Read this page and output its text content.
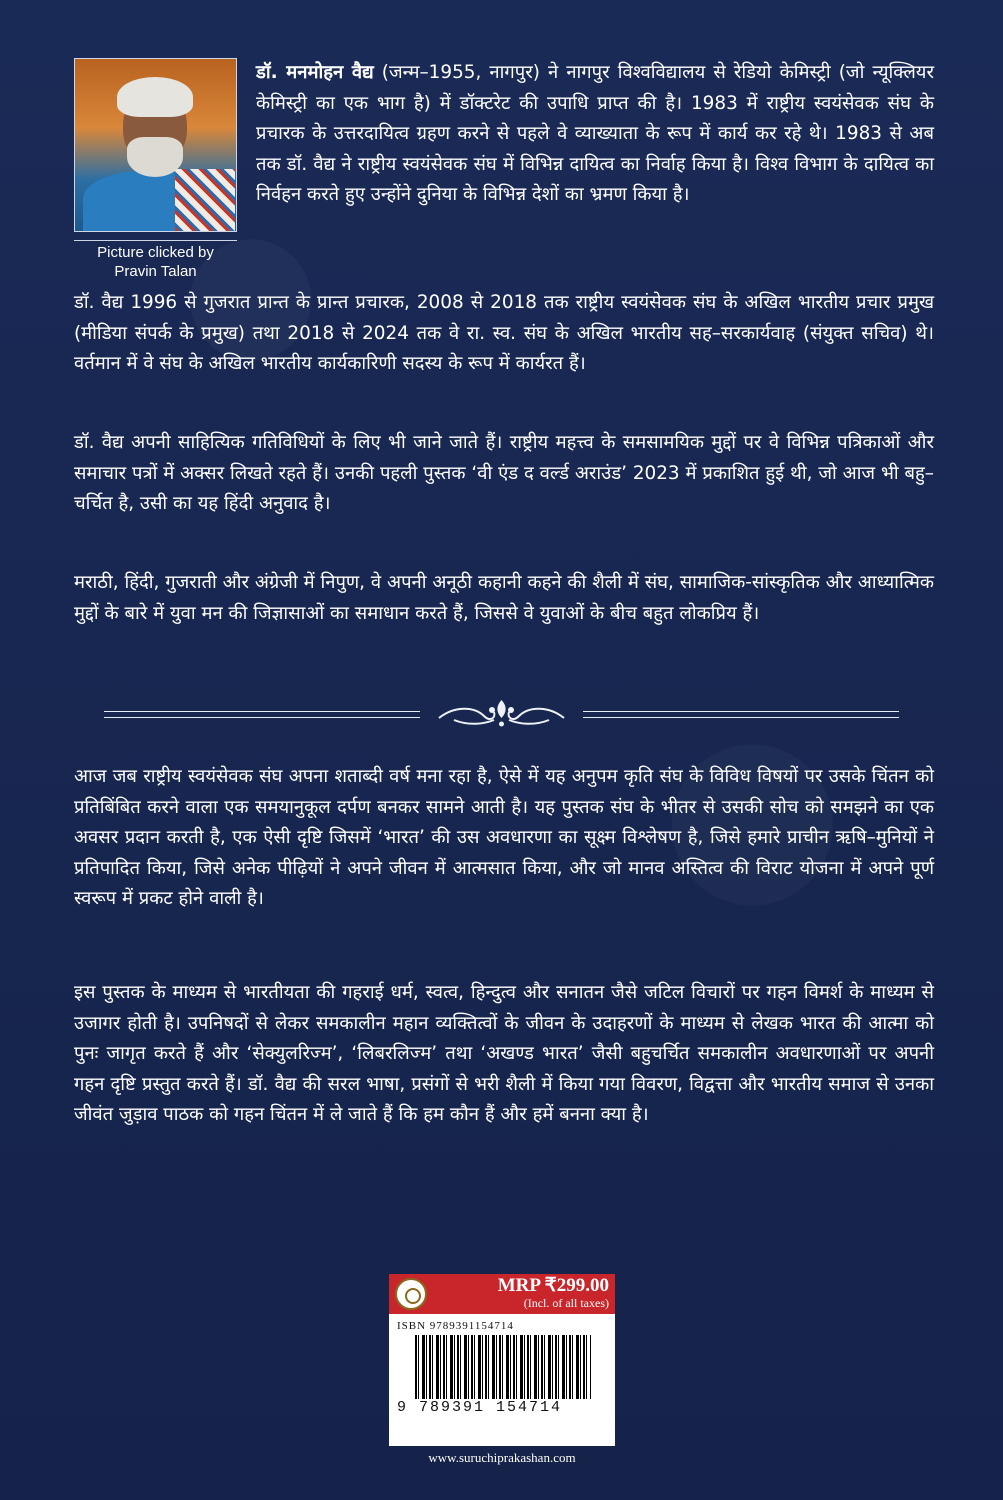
Picture clicked by Pravin Talan

डॉ. मनमोहन वैद्य (जन्म–1955, नागपुर) ने नागपुर विश्वविद्यालय से रेडियो केमिस्ट्री (जो न्यूक्लियर केमिस्ट्री का एक भाग है) में डॉक्टरेट की उपाधि प्राप्त की है। 1983 में राष्ट्रीय स्वयंसेवक संघ के प्रचारक के उत्तरदायित्व ग्रहण करने से पहले वे व्याख्याता के रूप में कार्य कर रहे थे। 1983 से अब तक डॉ. वैद्य ने राष्ट्रीय स्वयंसेवक संघ में विभिन्न दायित्व का निर्वाह किया है। विश्व विभाग के दायित्व का निर्वहन करते हुए उन्होंने दुनिया के विभिन्न देशों का भ्रमण किया है।

डॉ. वैद्य 1996 से गुजरात प्रान्त के प्रान्त प्रचारक, 2008 से 2018 तक राष्ट्रीय स्वयंसेवक संघ के अखिल भारतीय प्रचार प्रमुख (मीडिया संपर्क के प्रमुख) तथा 2018 से 2024 तक वे रा. स्व. संघ के अखिल भारतीय सह–सरकार्यवाह (संयुक्त सचिव) थे। वर्तमान में वे संघ के अखिल भारतीय कार्यकारिणी सदस्य के रूप में कार्यरत हैं।

डॉ. वैद्य अपनी साहित्यिक गतिविधियों के लिए भी जाने जाते हैं। राष्ट्रीय महत्त्व के समसामयिक मुद्दों पर वे विभिन्न पत्रिकाओं और समाचार पत्रों में अक्सर लिखते रहते हैं। उनकी पहली पुस्तक ‘वी एंड द वर्ल्ड अराउंड’ 2023 में प्रकाशित हुई थी, जो आज भी बहु–चर्चित है, उसी का यह हिंदी अनुवाद है।

मराठी, हिंदी, गुजराती और अंग्रेजी में निपुण, वे अपनी अनूठी कहानी कहने की शैली में संघ, सामाजिक-सांस्कृतिक और आध्यात्मिक मुद्दों के बारे में युवा मन की जिज्ञासाओं का समाधान करते हैं, जिससे वे युवाओं के बीच बहुत लोकप्रिय हैं।

आज जब राष्ट्रीय स्वयंसेवक संघ अपना शताब्दी वर्ष मना रहा है, ऐसे में यह अनुपम कृति संघ के विविध विषयों पर उसके चिंतन को प्रतिबिंबित करने वाला एक समयानुकूल दर्पण बनकर सामने आती है। यह पुस्तक संघ के भीतर से उसकी सोच को समझने का एक अवसर प्रदान करती है, एक ऐसी दृष्टि जिसमें ‘भारत’ की उस अवधारणा का सूक्ष्म विश्लेषण है, जिसे हमारे प्राचीन ऋषि–मुनियों ने प्रतिपादित किया, जिसे अनेक पीढ़ियों ने अपने जीवन में आत्मसात किया, और जो मानव अस्तित्व की विराट योजना में अपने पूर्ण स्वरूप में प्रकट होने वाली है।

इस पुस्तक के माध्यम से भारतीयता की गहराई धर्म, स्वत्व, हिन्दुत्व और सनातन जैसे जटिल विचारों पर गहन विमर्श के माध्यम से उजागर होती है। उपनिषदों से लेकर समकालीन महान व्यक्तित्वों के जीवन के उदाहरणों के माध्यम से लेखक भारत की आत्मा को पुनः जागृत करते हैं और ‘सेक्युलरिज्म’, ‘लिबरलिज्म’ तथा ‘अखण्ड भारत’ जैसी बहुचर्चित समकालीन अवधारणाओं पर अपनी गहन दृष्टि प्रस्तुत करते हैं। डॉ. वैद्य की सरल भाषा, प्रसंगों से भरी शैली में किया गया विवरण, विद्वत्ता और भारतीय समाज से उनका जीवंत जुड़ाव पाठक को गहन चिंतन में ले जाते हैं कि हम कौन हैं और हमें बनना क्या है।

MRP ₹299.00
(Incl. of all taxes)
ISBN 9789391154714
9 789391 154714
www.suruchiprakashan.com
